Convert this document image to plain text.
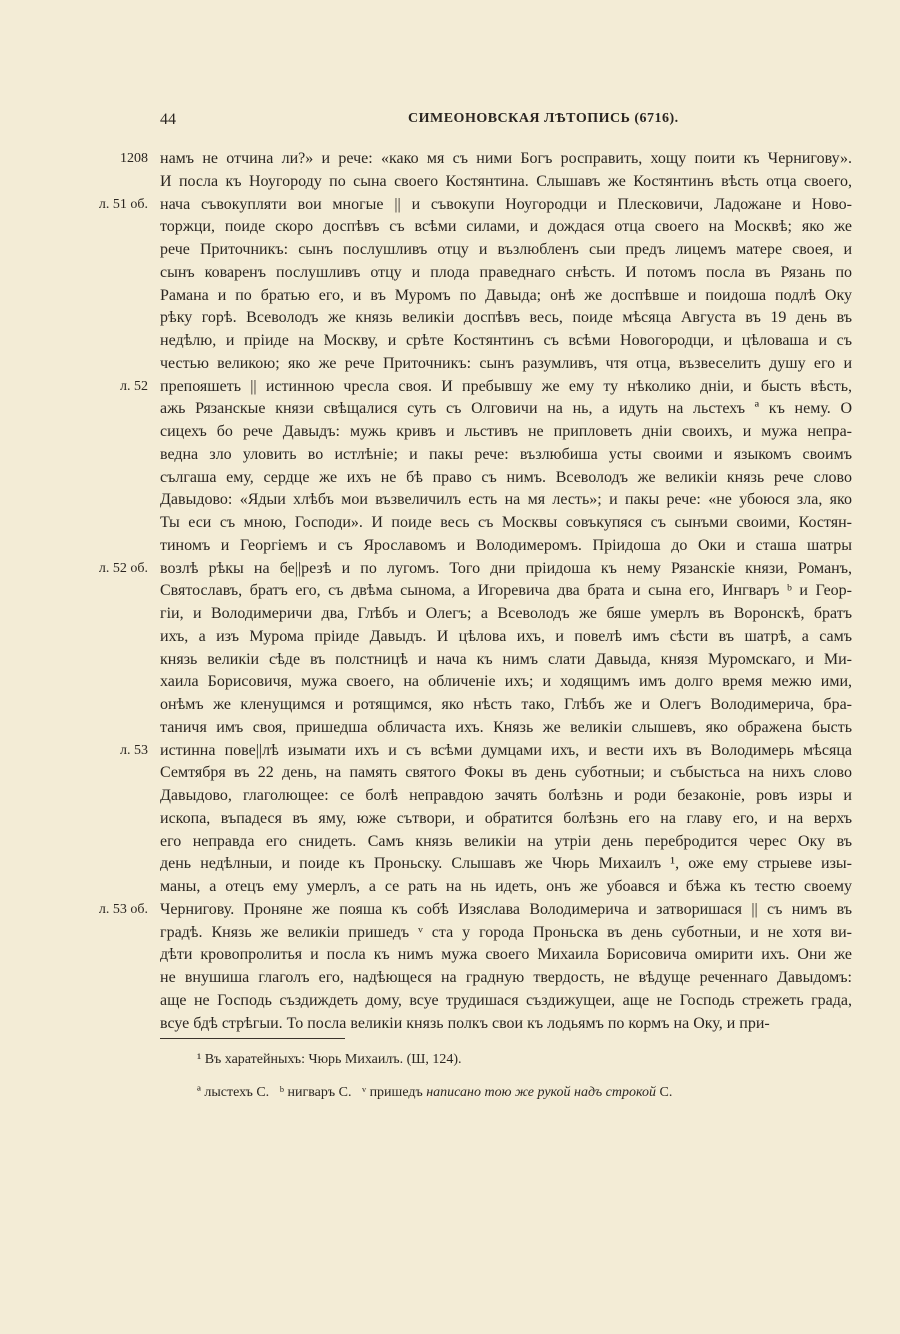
44	СИМЕОНОВСКАЯ ЛѢТОПИСЬ (6716).
1208 намъ не отчина ли?» и рече: «како мя съ ними Богъ росправить, хощу поити къ Чернигову».
И посла къ Ноугороду по сына своего Костянтина. Слышавъ же Костянтинъ вѣсть отца своего,
л. 51 об. нача съвокупляти вои многые || и съвокупи Ноугородци и Плесковичи, Ладожане и Ново-
торжци, поиде скоро доспѣвъ съ всѣми силами, и дождася отца своего на Москвѣ; яко же
рече Приточникъ: сынъ послушливъ отцу и възлюбленъ сыи предъ лицемъ матере своея, и
сынъ коваренъ послушливъ отцу и плода праведнаго снѣсть. И потомъ посла въ Рязань по
Рамана и по братью его, и въ Муромъ по Давыда; онѣ же доспѣвше и поидоша подлѣ Оку
рѣку горѣ. Всеволодъ же князь великіи доспѣвъ весь, поиде мѣсяца Августа въ 19 день въ
недѣлю, и пріиде на Москву, и срѣте Костянтинъ съ всѣми Новогородци, и цѣловаша и съ
честью великою; яко же рече Приточникъ: сынъ разумливъ, чтя отца, възвеселить душу его и
л. 52 препояшеть || истинною чресла своя. И пребывшу же ему ту нѣколико дніи, и бысть вѣсть,
ажь Рязанскые князи свѣщалися суть съ Олговичи на нь, а идуть на льстехъ ª къ нему. О
сицехъ бо рече Давыдъ: мужь кривъ и льстивъ не припловеть дніи своихъ, и мужа непра-
ведна зло уловить во истлѣніе; и пакы рече: възлюбиша усты своими и языкомъ своимъ
сългаша ему, сердце же ихъ не бѣ право съ нимъ. Всеволодъ же великіи князь рече слово
Давыдово: «Ядыи хлѣбъ мои възвеличилъ есть на мя лесть»; и пакы рече: «не убоюся зла, яко
Ты еси съ мною, Господи». И поиде весь съ Москвы совъкупяся съ сынъми своими, Костян-
тиномъ и Георгіемъ и съ Ярославомъ и Володимеромъ. Пріидоша до Оки и сташа шатры
л. 52 об. возлѣ рѣкы на бе||резѣ и по лугомъ. Того дни пріидоша къ нему Рязанскіе князи, Романъ,
Святославъ, братъ его, съ двѣма сынома, а Игоревича два брата и сына его, Ингваръ ᵇ и Геор-
гіи, и Володимеричи два, Глѣбъ и Олегъ; а Всеволодъ же бяше умерлъ въ Воронскѣ, братъ
ихъ, а изъ Мурома пріиде Давыдъ. И цѣлова ихъ, и повелѣ имъ сѣсти въ шатрѣ, а самъ
князь великіи сѣде въ полстницѣ и нача къ нимъ слати Давыда, князя Муромскаго, и Ми-
хаила Борисовичя, мужа своего, на обличеніе ихъ; и ходящимъ имъ долго время межю ими,
онѣмъ же кленущимся и ротящимся, яко нѣсть тако, Глѣбъ же и Олегъ Володимерича, бра-
таничя имъ своя, пришедша обличаста ихъ. Князь же великіи слышевъ, яко ображена бысть
л. 53 истинна пове||лѣ изымати ихъ и съ всѣми думцами ихъ, и вести ихъ въ Володимерь мѣсяца
Семтября въ 22 день, на память святого Фокы въ день суботныи; и събыстьса на нихъ слово
Давыдово, глаголющее: се болѣ неправдою зачять болѣзнь и роди безаконіе, ровъ изры и
ископа, въпадеся въ яму, юже сътвори, и обратится болѣзнь его на главу его, и на верхъ
его неправда его снидеть. Самъ князь великіи на утріи день перебродится черес Оку въ
день недѣлныи, и поиде къ Проньску. Слышавъ же Чюрь Михаилъ ¹, оже ему стрыеве изы-
маны, а отецъ ему умерлъ, а се рать на нь идеть, онъ же убоався и бѣжа къ тестю своему
л. 53 об. Чернигову. Проняне же пояша къ собѣ Изяслава Володимерича и затворишася || съ нимъ въ
градѣ. Князь же великіи пришедъ ᵛ ста у города Проньска въ день суботныи, и не хотя ви-
дѣти кровопролитья и посла къ нимъ мужа своего Михаила Борисовича омирити ихъ. Они же
не внушиша глаголъ его, надѣющеся на градную твердость, не вѣдуще реченнаго Давыдомъ:
аще не Господь създиждеть дому, всуе трудишася създижущеи, аще не Господь стрежеть града,
всуе бдѣ стрѣгыи. То посла великіи князь полкъ свои къ лодьямъ по кормъ на Оку, и при-
¹ Въ харатейныхъ: Чюрь Михаилъ. (Ш, 124).
ª лыстехъ С. ᵇ нигваръ С. ᵛ пришедъ написано тою же рукой надъ строкой С.
